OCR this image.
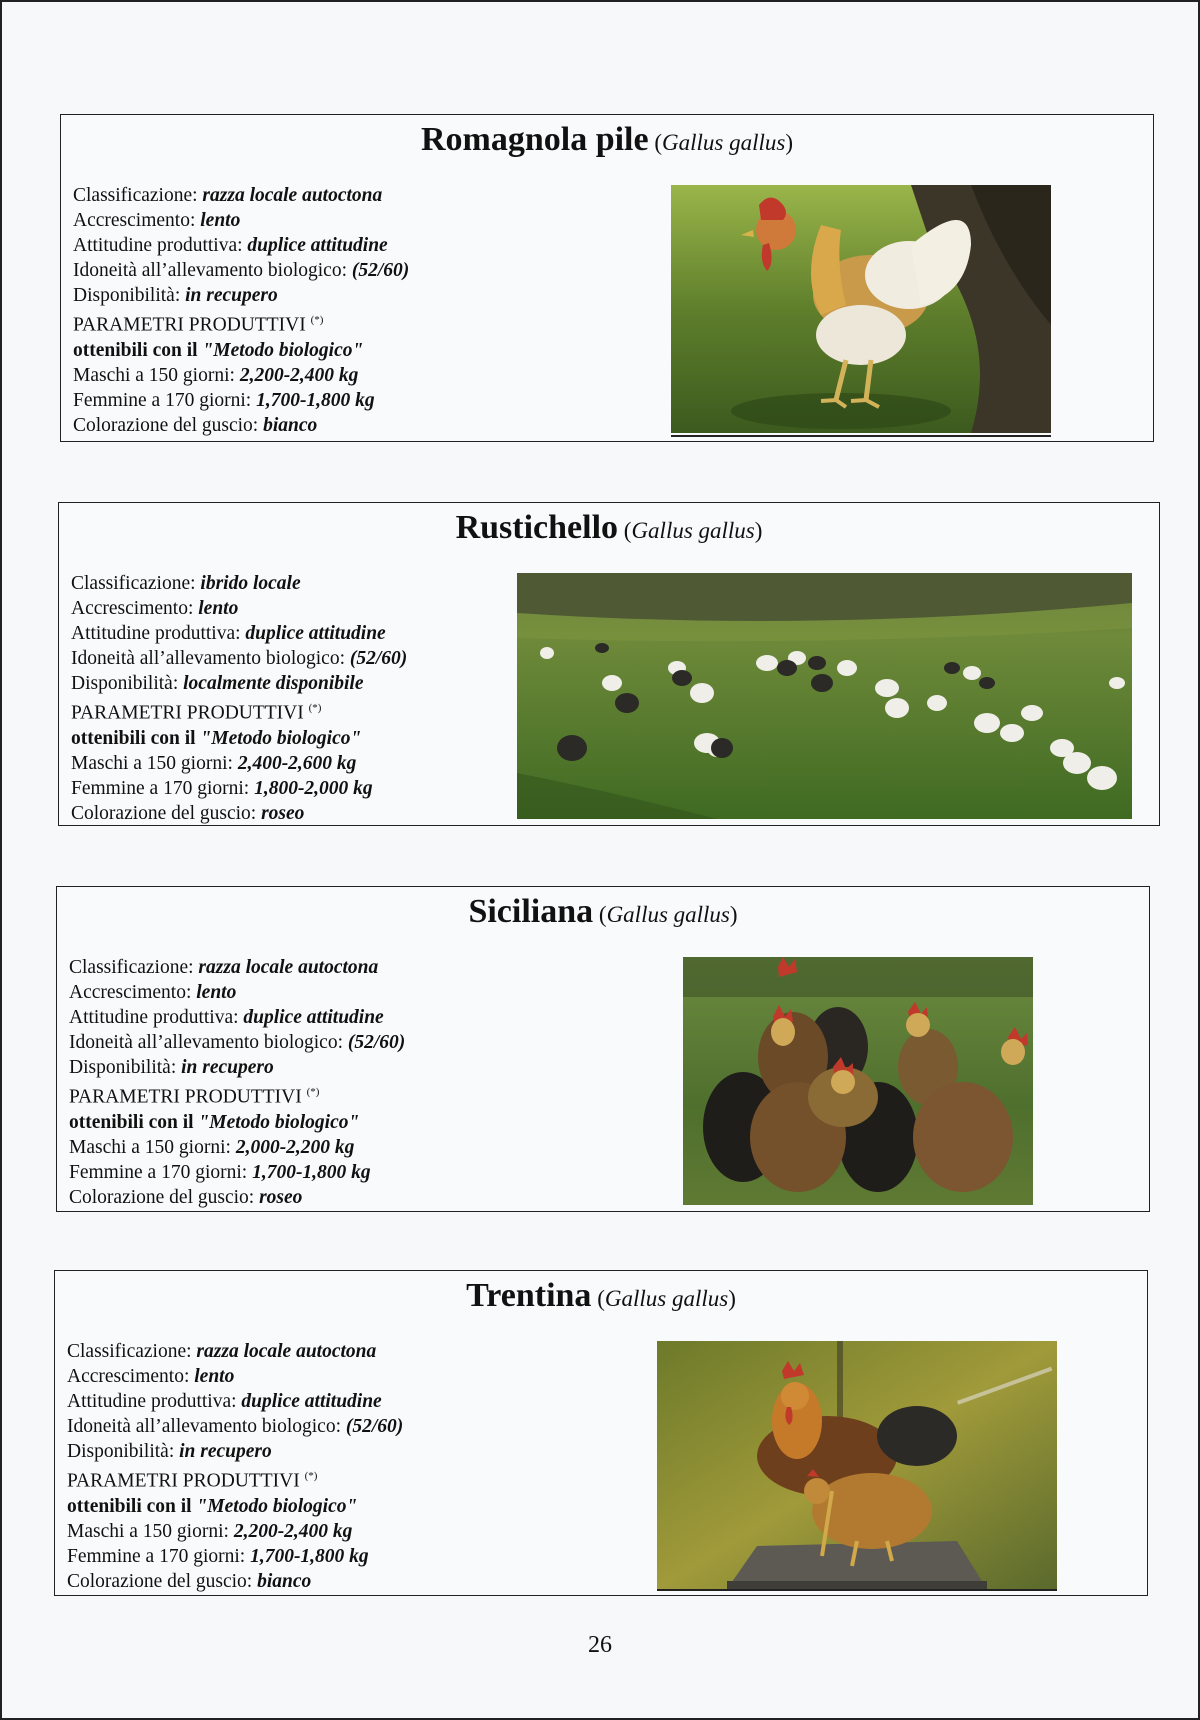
Romagnola pile (Gallus gallus)
Classificazione: razza locale autoctona
Accrescimento: lento
Attitudine produttiva: duplice attitudine
Idoneità all’allevamento biologico: (52/60)
Disponibilità: in recupero
PARAMETRI PRODUTTIVI (*)
ottenibili con il "Metodo biologico"
Maschi a 150 giorni: 2,200-2,400 kg
Femmine a 170 giorni: 1,700-1,800 kg
Colorazione del guscio: bianco
Rustichello (Gallus gallus)
Classificazione: ibrido locale
Accrescimento: lento
Attitudine produttiva: duplice attitudine
Idoneità all’allevamento biologico: (52/60)
Disponibilità: localmente disponibile
PARAMETRI PRODUTTIVI (*)
ottenibili con il "Metodo biologico"
Maschi a 150 giorni: 2,400-2,600 kg
Femmine a 170 giorni: 1,800-2,000 kg
Colorazione del guscio: roseo
Siciliana (Gallus gallus)
Classificazione: razza locale autoctona
Accrescimento: lento
Attitudine produttiva: duplice attitudine
Idoneità all’allevamento biologico: (52/60)
Disponibilità: in recupero
PARAMETRI PRODUTTIVI (*)
ottenibili con il "Metodo biologico"
Maschi a 150 giorni: 2,000-2,200 kg
Femmine a 170 giorni: 1,700-1,800 kg
Colorazione del guscio: roseo
Trentina (Gallus gallus)
Classificazione: razza locale autoctona
Accrescimento: lento
Attitudine produttiva: duplice attitudine
Idoneità all’allevamento biologico: (52/60)
Disponibilità: in recupero
PARAMETRI PRODUTTIVI (*)
ottenibili con il "Metodo biologico"
Maschi a 150 giorni: 2,200-2,400 kg
Femmine a 170 giorni: 1,700-1,800 kg
Colorazione del guscio: bianco
26
